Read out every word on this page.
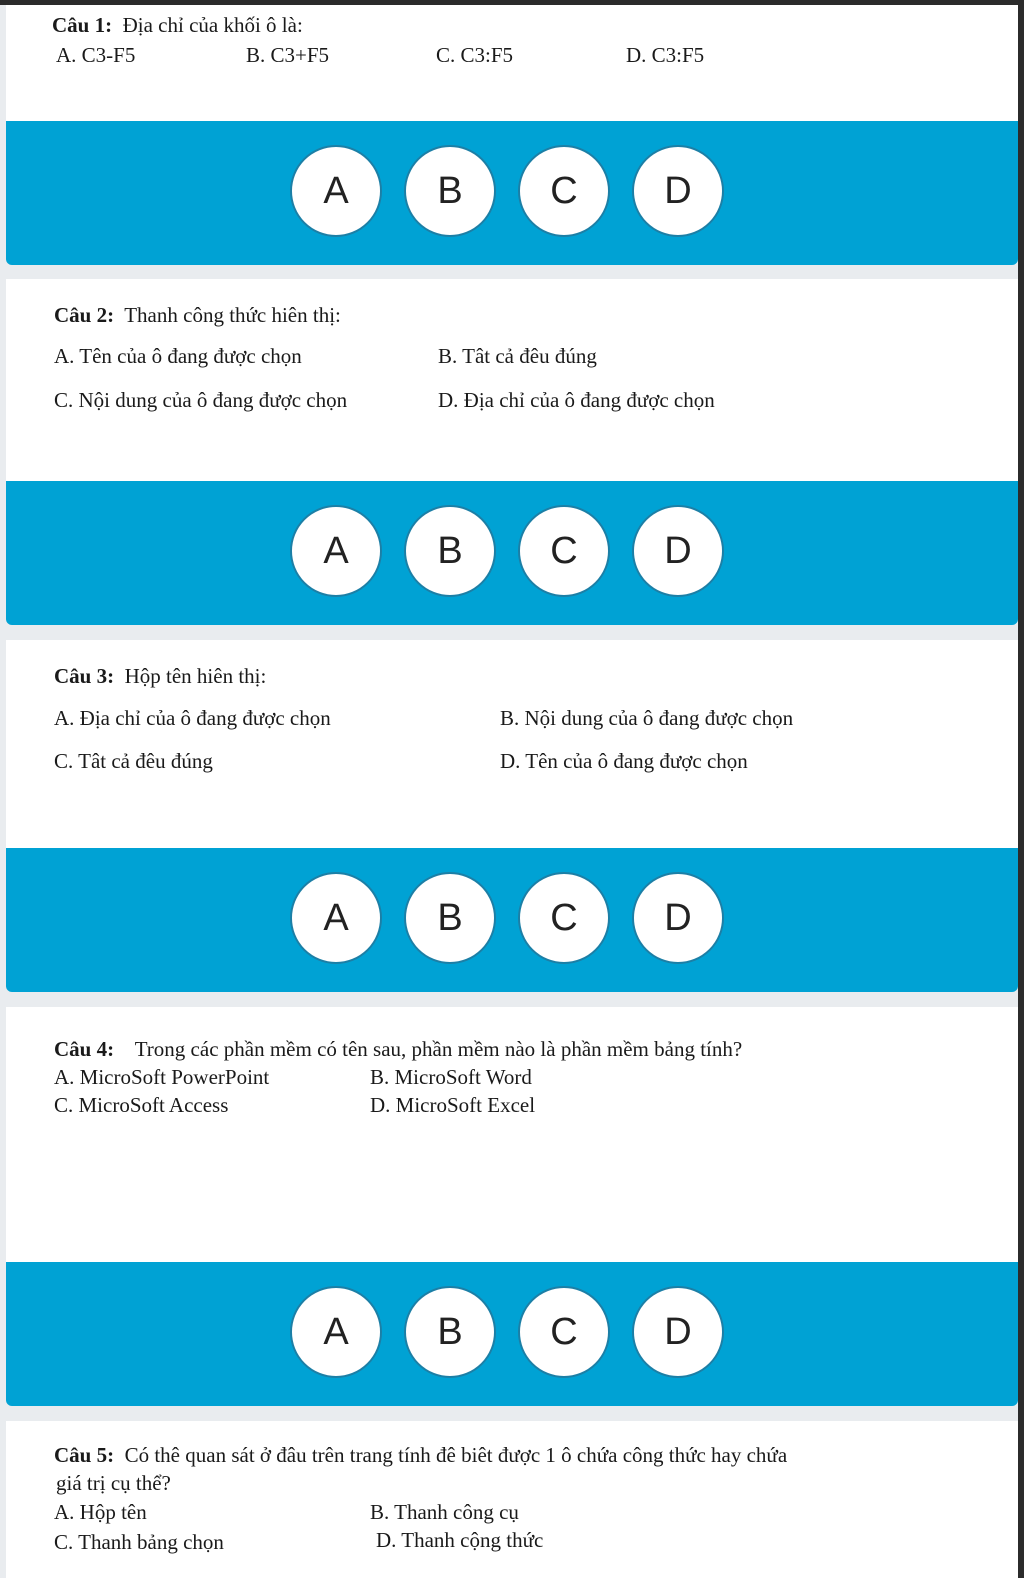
Câu 1: Địa chỉ của khối ô là:
A. C3-F5	B. C3+F5	C. C3:F5	D. C3:F5
A	B	C	D
Câu 2: Thanh công thức hiên thị:
A. Tên của ô đang được chọn	B. Tât cả đêu đúng
C. Nội dung của ô đang được chọn	D. Địa chỉ của ô đang được chọn
A	B	C	D
Câu 3: Hộp tên hiên thị:
A. Địa chỉ của ô đang được chọn	B. Nội dung của ô đang được chọn
C. Tât cả đêu đúng	D. Tên của ô đang được chọn
A	B	C	D
Câu 4: Trong các phần mềm có tên sau, phần mềm nào là phần mềm bảng tính?
A. MicroSoft PowerPoint	B. MicroSoft Word
C. MicroSoft Access	D. MicroSoft Excel
A	B	C	D
Câu 5: Có thê quan sát ở đâu trên trang tính đê biêt được 1 ô chứa công thức hay chứa
giá trị cụ thể?
A. Hộp tên	B. Thanh công cụ
C. Thanh bảng chọn	D. Thanh cộng thức
